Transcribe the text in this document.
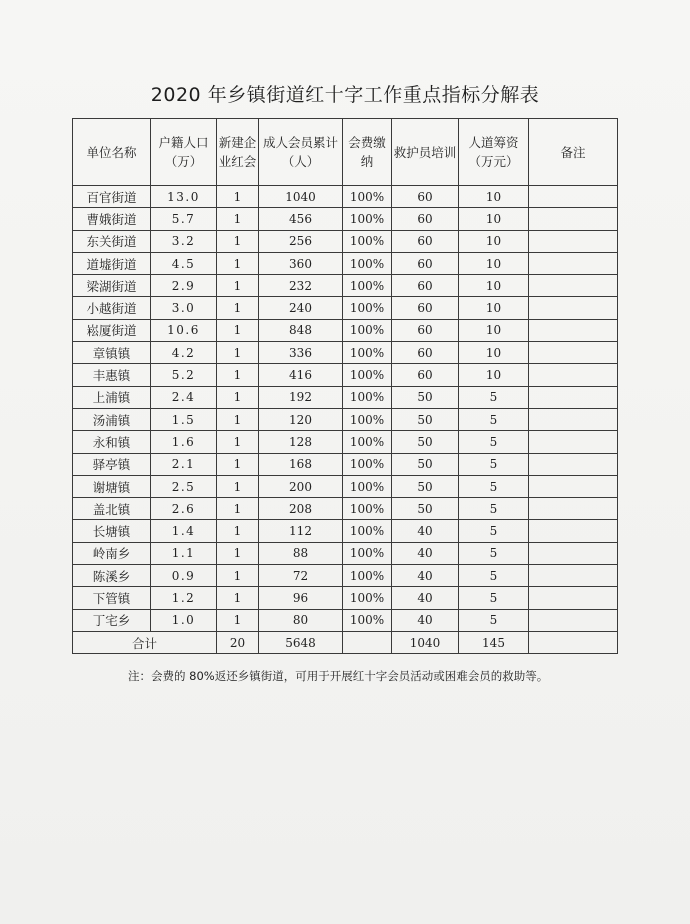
2020 年乡镇街道红十字工作重点指标分解表
单位名称	户籍人口（万）	新建企业红会	成人会员累计（人）	会费缴纳	救护员培训	人道筹资（万元）	备注
百官街道	13.0	1	1040	100%	60	10	
曹娥街道	5.7	1	456	100%	60	10	
东关街道	3.2	1	256	100%	60	10	
道墟街道	4.5	1	360	100%	60	10	
梁湖街道	2.9	1	232	100%	60	10	
小越街道	3.0	1	240	100%	60	10	
崧厦街道	10.6	1	848	100%	60	10	
章镇镇	4.2	1	336	100%	60	10	
丰惠镇	5.2	1	416	100%	60	10	
上浦镇	2.4	1	192	100%	50	5	
汤浦镇	1.5	1	120	100%	50	5	
永和镇	1.6	1	128	100%	50	5	
驿亭镇	2.1	1	168	100%	50	5	
谢塘镇	2.5	1	200	100%	50	5	
盖北镇	2.6	1	208	100%	50	5	
长塘镇	1.4	1	112	100%	40	5	
岭南乡	1.1	1	88	100%	40	5	
陈溪乡	0.9	1	72	100%	40	5	
下管镇	1.2	1	96	100%	40	5	
丁宅乡	1.0	1	80	100%	40	5	
合计		20	5648		1040	145	
注：会费的 80%返还乡镇街道，可用于开展红十字会员活动或困难会员的救助等。
